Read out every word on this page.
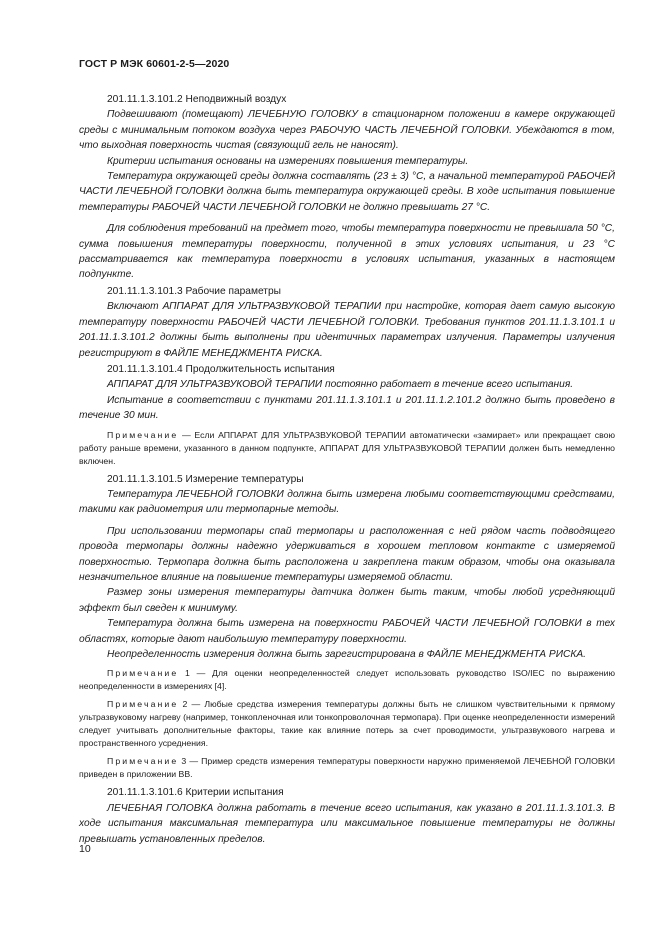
ГОСТ Р МЭК 60601-2-5—2020

201.11.1.3.101.2 Неподвижный воздух

Подвешивают (помещают) ЛЕЧЕБНУЮ ГОЛОВКУ в стационарном положении в камере окружающей среды с минимальным потоком воздуха через РАБОЧУЮ ЧАСТЬ ЛЕЧЕБНОЙ ГОЛОВКИ. Убеждаются в том, что выходная поверхность чистая (связующий гель не наносят).

Критерии испытания основаны на измерениях повышения температуры.

Температура окружающей среды должна составлять (23 ± 3) °С, а начальной температурой РАБОЧЕЙ ЧАСТИ ЛЕЧЕБНОЙ ГОЛОВКИ должна быть температура окружающей среды. В ходе испытания повышение температуры РАБОЧЕЙ ЧАСТИ ЛЕЧЕБНОЙ ГОЛОВКИ не должно превышать 27 °С.

Для соблюдения требований на предмет того, чтобы температура поверхности не превышала 50 °С, сумма повышения температуры поверхности, полученной в этих условиях испытания, и 23 °С рассматривается как температура поверхности в условиях испытания, указанных в настоящем подпункте.

201.11.1.3.101.3 Рабочие параметры

Включают АППАРАТ ДЛЯ УЛЬТРАЗВУКОВОЙ ТЕРАПИИ при настройке, которая дает самую высокую температуру поверхности РАБОЧЕЙ ЧАСТИ ЛЕЧЕБНОЙ ГОЛОВКИ. Требования пунктов 201.11.1.3.101.1 и 201.11.1.3.101.2 должны быть выполнены при идентичных параметрах излучения. Параметры излучения регистрируют в ФАЙЛЕ МЕНЕДЖМЕНТА РИСКА.

201.11.1.3.101.4 Продолжительность испытания

АППАРАТ ДЛЯ УЛЬТРАЗВУКОВОЙ ТЕРАПИИ постоянно работает в течение всего испытания.

Испытание в соответствии с пунктами 201.11.1.3.101.1 и 201.11.1.2.101.2 должно быть проведено в течение 30 мин.

Примечание — Если АППАРАТ ДЛЯ УЛЬТРАЗВУКОВОЙ ТЕРАПИИ автоматически «замирает» или прекращает свою работу раньше времени, указанного в данном подпункте, АППАРАТ ДЛЯ УЛЬТРАЗВУКОВОЙ ТЕРАПИИ должен быть немедленно включен.

201.11.1.3.101.5 Измерение температуры

Температура ЛЕЧЕБНОЙ ГОЛОВКИ должна быть измерена любыми соответствующими средствами, такими как радиометрия или термопарные методы.

При использовании термопары спай термопары и расположенная с ней рядом часть подводящего провода термопары должны надежно удерживаться в хорошем тепловом контакте с измеряемой поверхностью. Термопара должна быть расположена и закреплена таким образом, чтобы она оказывала незначительное влияние на повышение температуры измеряемой области.

Размер зоны измерения температуры датчика должен быть таким, чтобы любой усредняющий эффект был сведен к минимуму.

Температура должна быть измерена на поверхности РАБОЧЕЙ ЧАСТИ ЛЕЧЕБНОЙ ГОЛОВКИ в тех областях, которые дают наибольшую температуру поверхности.

Неопределенность измерения должна быть зарегистрирована в ФАЙЛЕ МЕНЕДЖМЕНТА РИСКА.

Примечание 1 — Для оценки неопределенностей следует использовать руководство ISO/IEC по выражению неопределенности в измерениях [4].

Примечание 2 — Любые средства измерения температуры должны быть не слишком чувствительными к прямому ультразвуковому нагреву (например, тонкопленочная или тонкопроволочная термопара). При оценке неопределенности измерений следует учитывать дополнительные факторы, такие как влияние потерь за счет проводимости, ультразвукового нагрева и пространственного усреднения.

Примечание 3 — Пример средств измерения температуры поверхности наружно применяемой ЛЕЧЕБНОЙ ГОЛОВКИ приведен в приложении ВВ.

201.11.1.3.101.6 Критерии испытания

ЛЕЧЕБНАЯ ГОЛОВКА должна работать в течение всего испытания, как указано в 201.11.1.3.101.3. В ходе испытания максимальная температура или максимальное повышение температуры не должны превышать установленных пределов.

10
